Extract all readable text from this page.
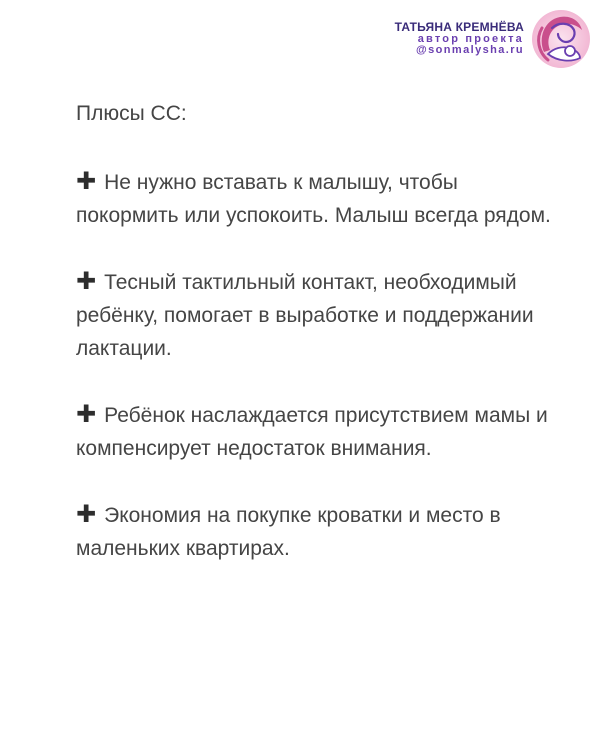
ТАТЬЯНА КРЕМНЁВА
автор проекта
@sonmalysha.ru

Плюсы СС:

✚ Не нужно вставать к малышу, чтобы покормить или успокоить. Малыш всегда рядом.

✚ Тесный тактильный контакт, необходимый ребёнку, помогает в выработке и поддержании лактации.

✚ Ребёнок наслаждается присутствием мамы и компенсирует недостаток внимания.

✚ Экономия на покупке кроватки и место в маленьких квартирах.
